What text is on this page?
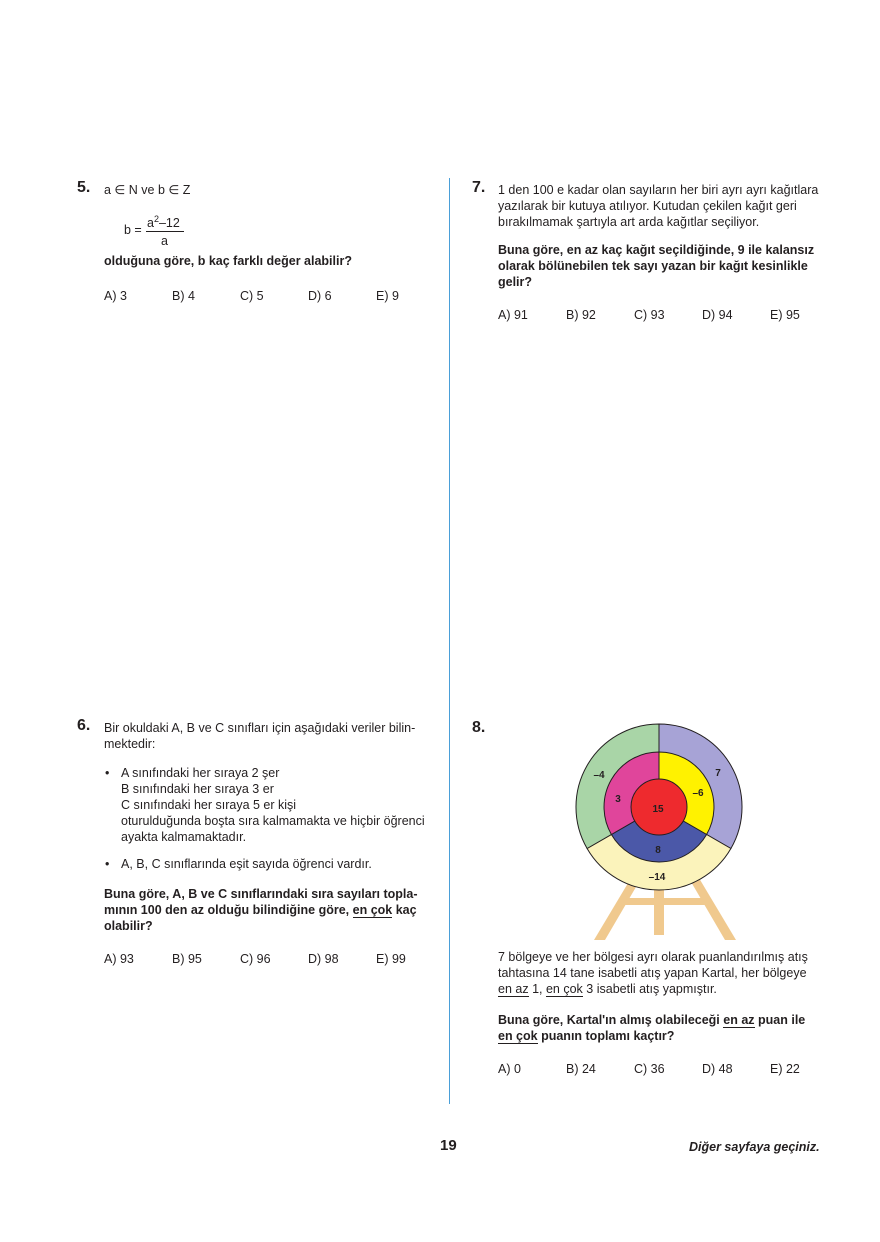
5. a ∈ N ve b ∈ Z
$b = a^2-12$
a
olduğuna göre, b kaç farklı değer alabilir?
A) 3	B) 4	C) 5	D) 6	E) 9
7. 1 den 100 e kadar olan sayıların her biri ayrı ayrı kağıtlara

yazılarak bir kutuya atılıyor. Kutudan çekilen kağıt geri

bırakılmamak şartıyla art arda kağıtlar seçiliyor.

Buna göre, en az kaç kağıt seçildiğinde, 9 ile kalansız

olarak bölünebilen tek sayı yazan bir kağıt kesinlikle

gelir?

A) 91	B) 92	C) 93	D) 94	E) 95
6. Bir okuldaki A, B ve C sınıfları için aşağıdaki veriler bilin-

mektedir:

• A sınıfındaki her sıraya 2 şer

B sınıfındaki her sıraya 3 er

C sınıfındaki her sıraya 5 er kişi

oturulduğunda boşta sıra kalmamakta ve hiçbir öğrenci

ayakta kalmamaktadır.

• A, B, C sınıflarında eşit sayıda öğrenci vardır.

Buna göre, A, B ve C sınıflarındaki sıra sayıları topla-

mının 100 den az olduğu bilindiğine göre, en çok kaç

olabilir?

A) 93	B) 95	C) 96	D) 98	E) 99
8.
–4	7
–14
3
–6
8
15

7 bölgeye ve her bölgesi ayrı olarak puanlandırılmış atış

tahtasına 14 tane isabetli atış yapan Kartal, her bölgeye

en az 1, en çok 3 isabetli atış yapmıştır.

Buna göre, Kartal'ın almış olabileceği en az puan ile

en çok puanın toplamı kaçtır?

A) 0	B) 24	C) 36	D) 48	E) 22
19	Diğer sayfaya geçiniz.
